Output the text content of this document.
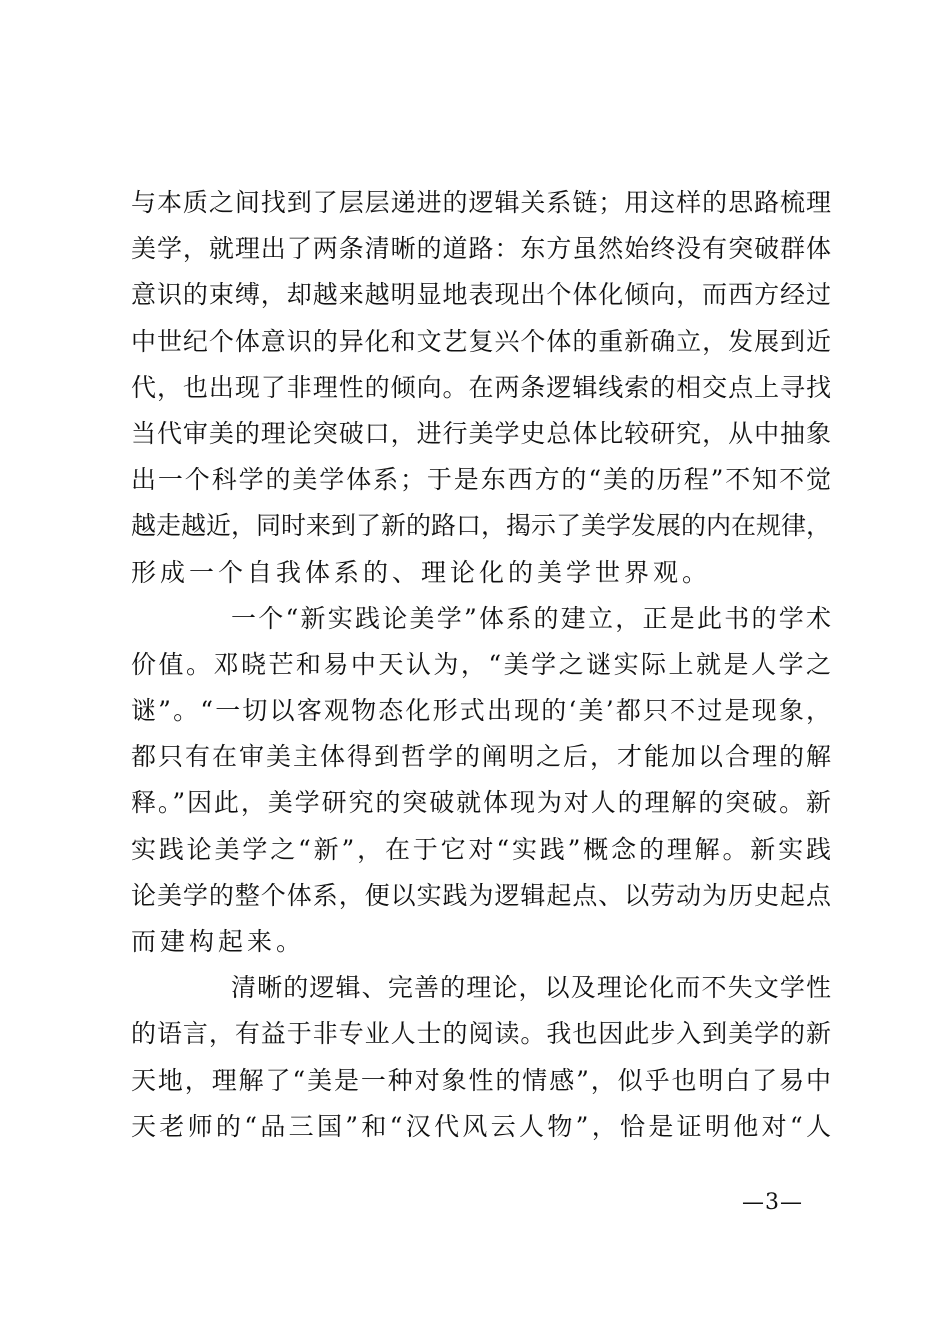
与本质之间找到了层层递进的逻辑关系链；用这样的思路梳理
美学，就理出了两条清晰的道路：东方虽然始终没有突破群体
意识的束缚，却越来越明显地表现出个体化倾向，而西方经过
中世纪个体意识的异化和文艺复兴个体的重新确立，发展到近
代，也出现了非理性的倾向。在两条逻辑线索的相交点上寻找
当代审美的理论突破口，进行美学史总体比较研究，从中抽象
出一个科学的美学体系；于是东西方的“美的历程”不知不觉
越走越近，同时来到了新的路口，揭示了美学发展的内在规律，
形成一个自我体系的、理论化的美学世界观。
一个“新实践论美学”体系的建立，正是此书的学术
价值。邓晓芒和易中天认为，“美学之谜实际上就是人学之
谜”。“一切以客观物态化形式出现的‘美’都只不过是现象，
都只有在审美主体得到哲学的阐明之后，才能加以合理的解
释。”因此，美学研究的突破就体现为对人的理解的突破。新
实践论美学之“新”，在于它对“实践”概念的理解。新实践
论美学的整个体系，便以实践为逻辑起点、以劳动为历史起点
而建构起来。
清晰的逻辑、完善的理论，以及理论化而不失文学性
的语言，有益于非专业人士的阅读。我也因此步入到美学的新
天地，理解了“美是一种对象性的情感”，似乎也明白了易中
天老师的“品三国”和“汉代风云人物”，恰是证明他对“人
—3—
